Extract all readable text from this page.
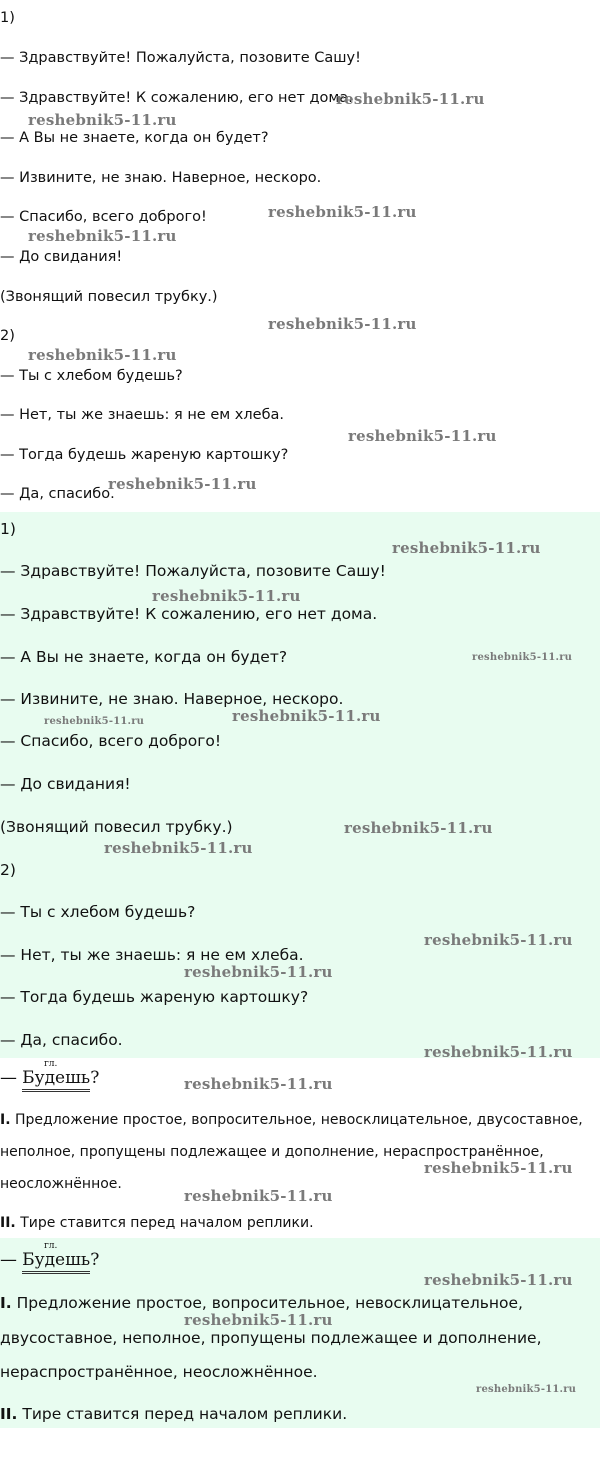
1)
— Здравствуйте! Пожалуйста, позовите Сашу!
— Здравствуйте! К сожалению, его нет дома.
— А Вы не знаете, когда он будет?
— Извините, не знаю. Наверное, нескоро.
— Спасибо, всего доброго!
— До свидания!
(Звонящий повесил трубку.)
2)
— Ты с хлебом будешь?
— Нет, ты же знаешь: я не ем хлеба.
— Тогда будешь жареную картошку?
— Да, спасибо.
1)
— Здравствуйте! Пожалуйста, позовите Сашу!
— Здравствуйте! К сожалению, его нет дома.
— А Вы не знаете, когда он будет?
— Извините, не знаю. Наверное, нескоро.
— Спасибо, всего доброго!
— До свидания!
(Звонящий повесил трубку.)
2)
— Ты с хлебом будешь?
— Нет, ты же знаешь: я не ем хлеба.
— Тогда будешь жареную картошку?
— Да, спасибо.
—
гл.
Будешь?
I. Предложение простое, вопросительное, невосклицательное, двусоставное,
неполное, пропущены подлежащее и дополнение, нераспространённое,
неосложнённое.
II. Тире ставится перед началом реплики.
—
гл.
Будешь?
I. Предложение простое, вопросительное, невосклицательное,
двусоставное, неполное, пропущены подлежащее и дополнение,
нераспространённое, неосложнённое.
II. Тире ставится перед началом реплики.
reshebnik5-11.ru
reshebnik5-11.ru
reshebnik5-11.ru
reshebnik5-11.ru
reshebnik5-11.ru
reshebnik5-11.ru
reshebnik5-11.ru
reshebnik5-11.ru
reshebnik5-11.ru
reshebnik5-11.ru
reshebnik5-11.ru
reshebnik5-11.ru
reshebnik5-11.ru
reshebnik5-11.ru
reshebnik5-11.ru
reshebnik5-11.ru
reshebnik5-11.ru
reshebnik5-11.ru
reshebnik5-11.ru
reshebnik5-11.ru
reshebnik5-11.ru
reshebnik5-11.ru
reshebnik5-11.ru
reshebnik5-11.ru
